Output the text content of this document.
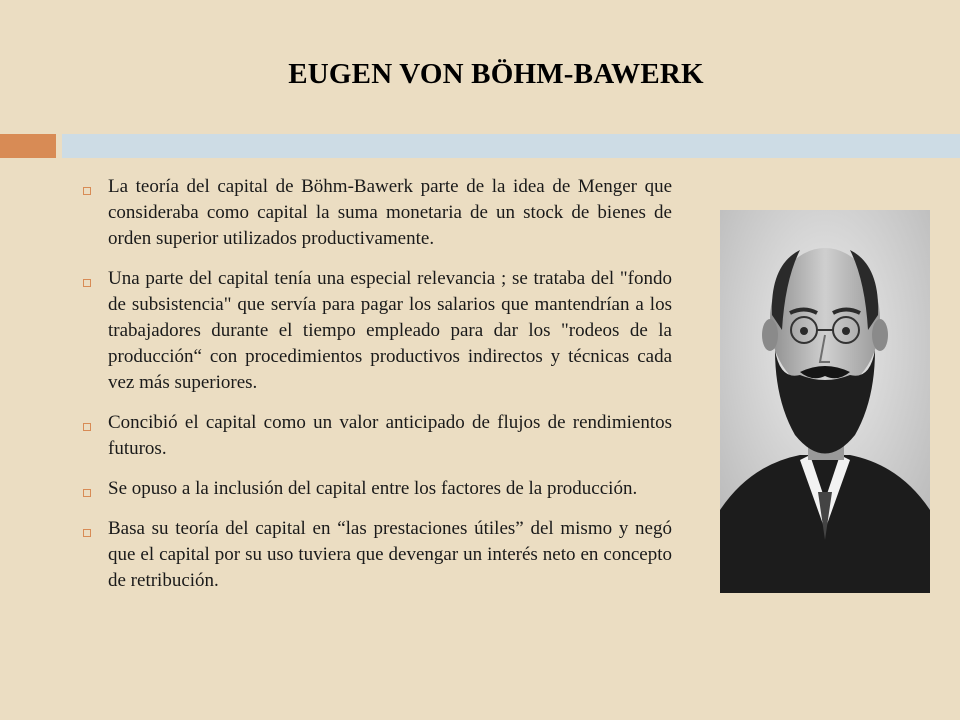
EUGEN VON BÖHM-BAWERK
La teoría del capital de Böhm-Bawerk parte de la idea de Menger que consideraba como capital la suma monetaria de un stock de bienes de orden superior utilizados productivamente.
Una parte del capital tenía una especial relevancia ; se trataba del "fondo de subsistencia" que servía para pagar los salarios que mantendrían a los trabajadores durante el tiempo empleado para dar los "rodeos de la producción“ con procedimientos productivos indirectos y técnicas cada vez más superiores.
Concibió el capital como un valor anticipado de flujos de rendimientos futuros.
Se opuso a la inclusión del capital entre los factores de la producción.
Basa su teoría del capital en “las prestaciones útiles” del mismo y negó que el capital por su uso tuviera que devengar un interés neto en concepto de retribución.
